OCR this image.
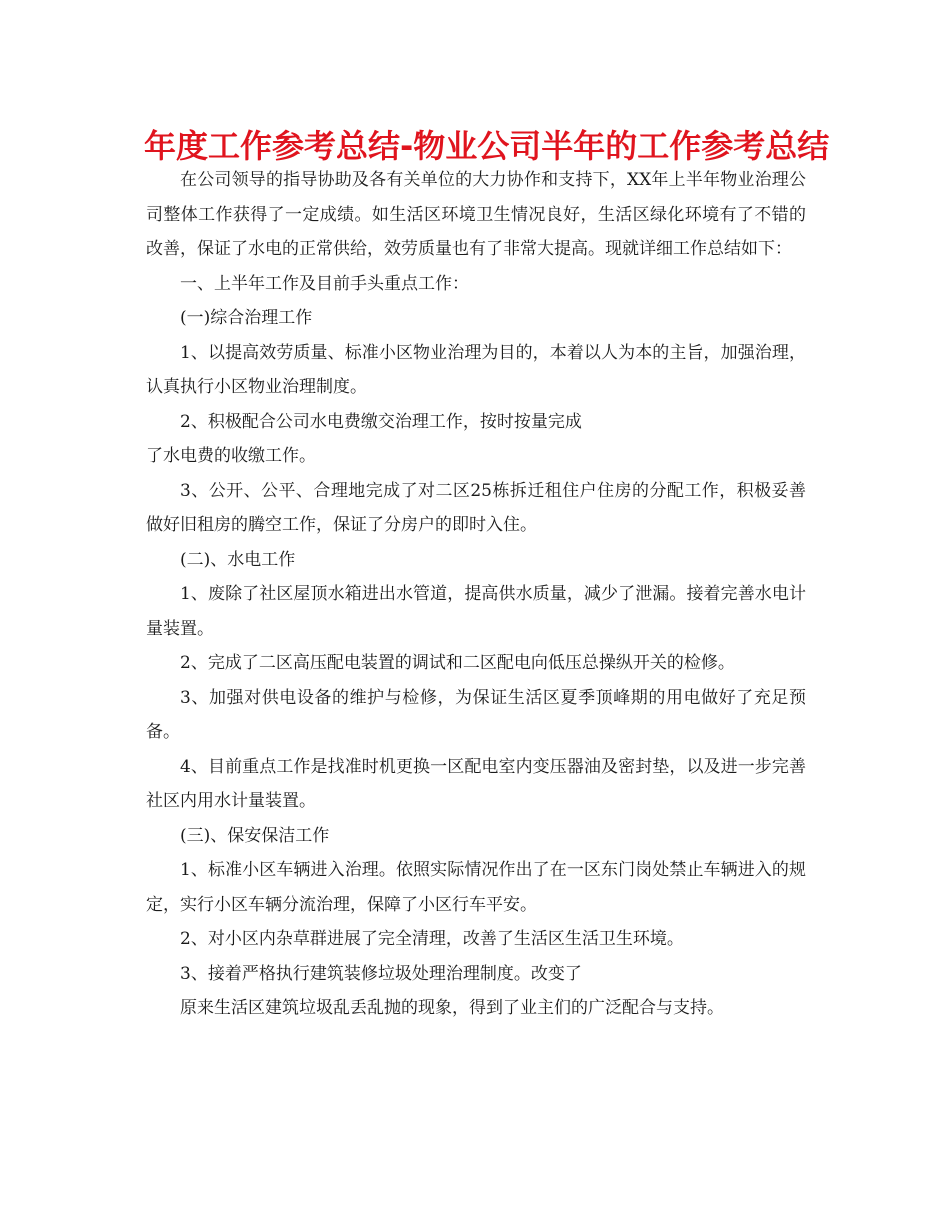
年度工作参考总结-物业公司半年的工作参考总结

在公司领导的指导协助及各有关单位的大力协作和支持下，XX年上半年物业治理公司整体工作获得了一定成绩。如生活区环境卫生情况良好，生活区绿化环境有了不错的改善，保证了水电的正常供给，效劳质量也有了非常大提高。现就详细工作总结如下：

一、上半年工作及目前手头重点工作：

(一)综合治理工作

1、以提高效劳质量、标准小区物业治理为目的，本着以人为本的主旨，加强治理，认真执行小区物业治理制度。

2、积极配合公司水电费缴交治理工作，按时按量完成

了水电费的收缴工作。

3、公开、公平、合理地完成了对二区25栋拆迁租住户住房的分配工作，积极妥善做好旧租房的腾空工作，保证了分房户的即时入住。

(二)、水电工作

1、废除了社区屋顶水箱进出水管道，提高供水质量，减少了泄漏。接着完善水电计量装置。

2、完成了二区高压配电装置的调试和二区配电向低压总操纵开关的检修。

3、加强对供电设备的维护与检修，为保证生活区夏季顶峰期的用电做好了充足预备。

4、目前重点工作是找准时机更换一区配电室内变压器油及密封垫，以及进一步完善社区内用水计量装置。

(三)、保安保洁工作

1、标准小区车辆进入治理。依照实际情况作出了在一区东门岗处禁止车辆进入的规定，实行小区车辆分流治理，保障了小区行车平安。

2、对小区内杂草群进展了完全清理，改善了生活区生活卫生环境。

3、接着严格执行建筑装修垃圾处理治理制度。改变了

原来生活区建筑垃圾乱丢乱抛的现象，得到了业主们的广泛配合与支持。
